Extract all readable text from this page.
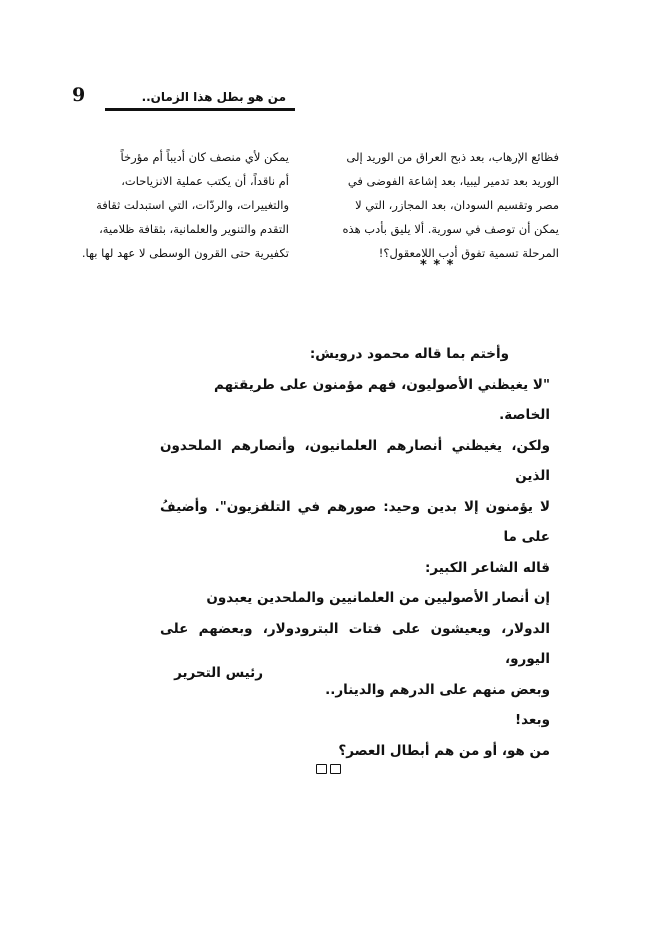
من هو بطل هذا الزمان..
9

فظائع الإرهاب، بعد ذبح العراق من الوريد إلى

الوريد بعد تدمير ليبيا، بعد إشاعة الفوضى في

مصر وتقسيم السودان، بعد المجازر، التي لا

يمكن أن توصف في سورية. ألا يليق بأدب هذه

المرحلة تسمية تفوق أدب اللامعقول؟!

يمكن لأي منصف كان أديباً أم مؤرخاً

أم ناقداً، أن يكتب عملية الانزياحات،

والتغييرات، والردّات، التي استبدلت ثقافة

التقدم والتنوير والعلمانية، بثقافة ظلامية،

تكفيرية حتى القرون الوسطى لا عهد لها بها.

* * *

وأختم بما قاله محمود درويش:

"لا يغيظني الأصوليون، فهم مؤمنون على طريقتهم الخاصة.

ولكن، يغيظني أنصارهم العلمانيون، وأنصارهم الملحدون الذين

لا يؤمنون إلا بدين وحيد: صورهم في التلفزيون". وأضيفُ على ما

قاله الشاعر الكبير:

إن أنصار الأصوليين من العلمانيين والملحدين يعبدون

الدولار، ويعيشون على فتات البترودولار، وبعضهم على اليورو،

وبعض منهم على الدرهم والدينار..

وبعد!

من هو، أو من هم أبطال العصر؟

رئيس التحرير
